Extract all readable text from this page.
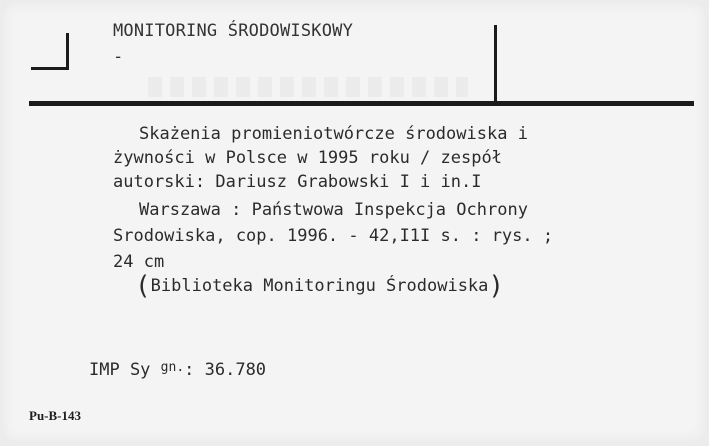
MONITORING ŚRODOWISKOWY
-
Skażenia promieniotwórcze środowiska i
żywności w Polsce w 1995 roku / zespół
autorski: Dariusz Grabowski I i in.I
Warszawa : Państwowa Inspekcja Ochrony
Srodowiska, cop. 1996. - 42,I1I s. : rys. ;
24 cm
(Biblioteka Monitoringu Środowiska)
IMP Sy $^{gn.}$: 36.780
Pu-B-143
